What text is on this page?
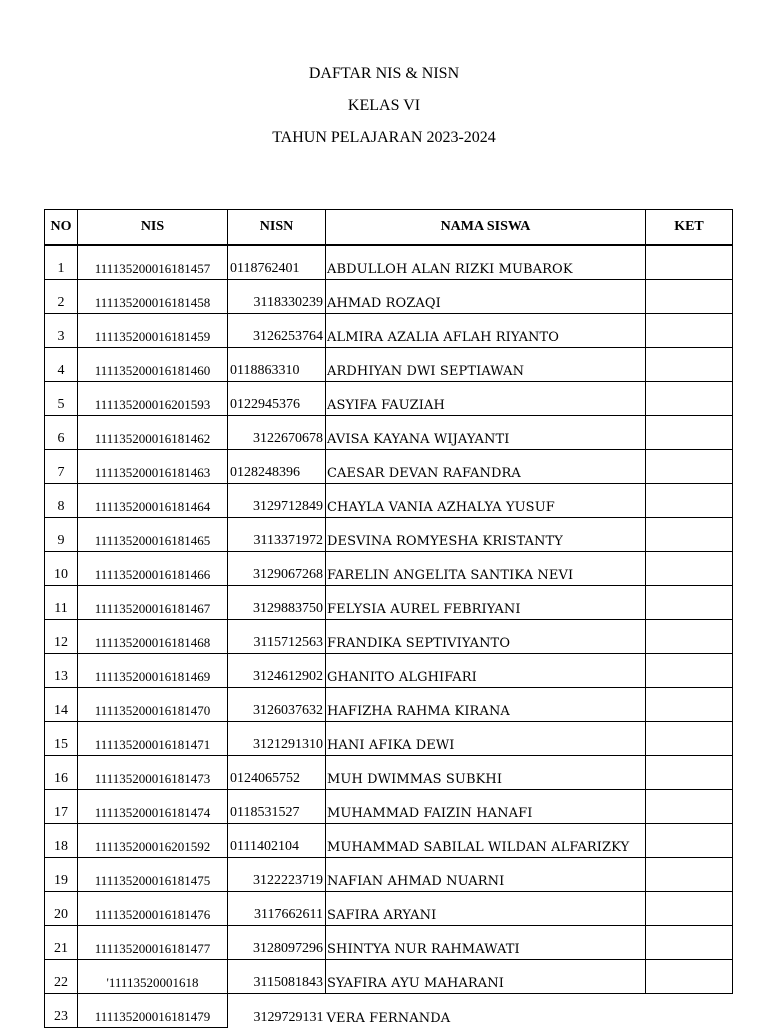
DAFTAR NIS & NISN
KELAS VI
TAHUN PELAJARAN 2023-2024
NO	NIS	NISN	NAMA SISWA	KET
1	111135200016181457	0118762401	ABDULLOH ALAN RIZKI MUBAROK	
2	111135200016181458	3118330239	AHMAD ROZAQI	
3	111135200016181459	3126253764	ALMIRA AZALIA AFLAH RIYANTO	
4	111135200016181460	0118863310	ARDHIYAN DWI SEPTIAWAN	
5	111135200016201593	0122945376	ASYIFA FAUZIAH	
6	111135200016181462	3122670678	AVISA KAYANA WIJAYANTI	
7	111135200016181463	0128248396	CAESAR DEVAN RAFANDRA	
8	111135200016181464	3129712849	CHAYLA VANIA AZHALYA YUSUF	
9	111135200016181465	3113371972	DESVINA ROMYESHA KRISTANTY	
10	111135200016181466	3129067268	FARELIN ANGELITA SANTIKA NEVI	
11	111135200016181467	3129883750	FELYSIA AUREL FEBRIYANI	
12	111135200016181468	3115712563	FRANDIKA SEPTIVIYANTO	
13	111135200016181469	3124612902	GHANITO ALGHIFARI	
14	111135200016181470	3126037632	HAFIZHA RAHMA KIRANA	
15	111135200016181471	3121291310	HANI AFIKA DEWI	
16	111135200016181473	0124065752	MUH DWIMMAS SUBKHI	
17	111135200016181474	0118531527	MUHAMMAD FAIZIN HANAFI	
18	111135200016201592	0111402104	MUHAMMAD SABILAL WILDAN ALFARIZKY	
19	111135200016181475	3122223719	NAFIAN AHMAD NUARNI	
20	111135200016181476	3117662611	SAFIRA ARYANI	
21	111135200016181477	3128097296	SHINTYA NUR RAHMAWATI	
22	'11113520001618	3115081843	SYAFIRA AYU MAHARANI	
23	111135200016181479	3129729131	VERA FERNANDA	
